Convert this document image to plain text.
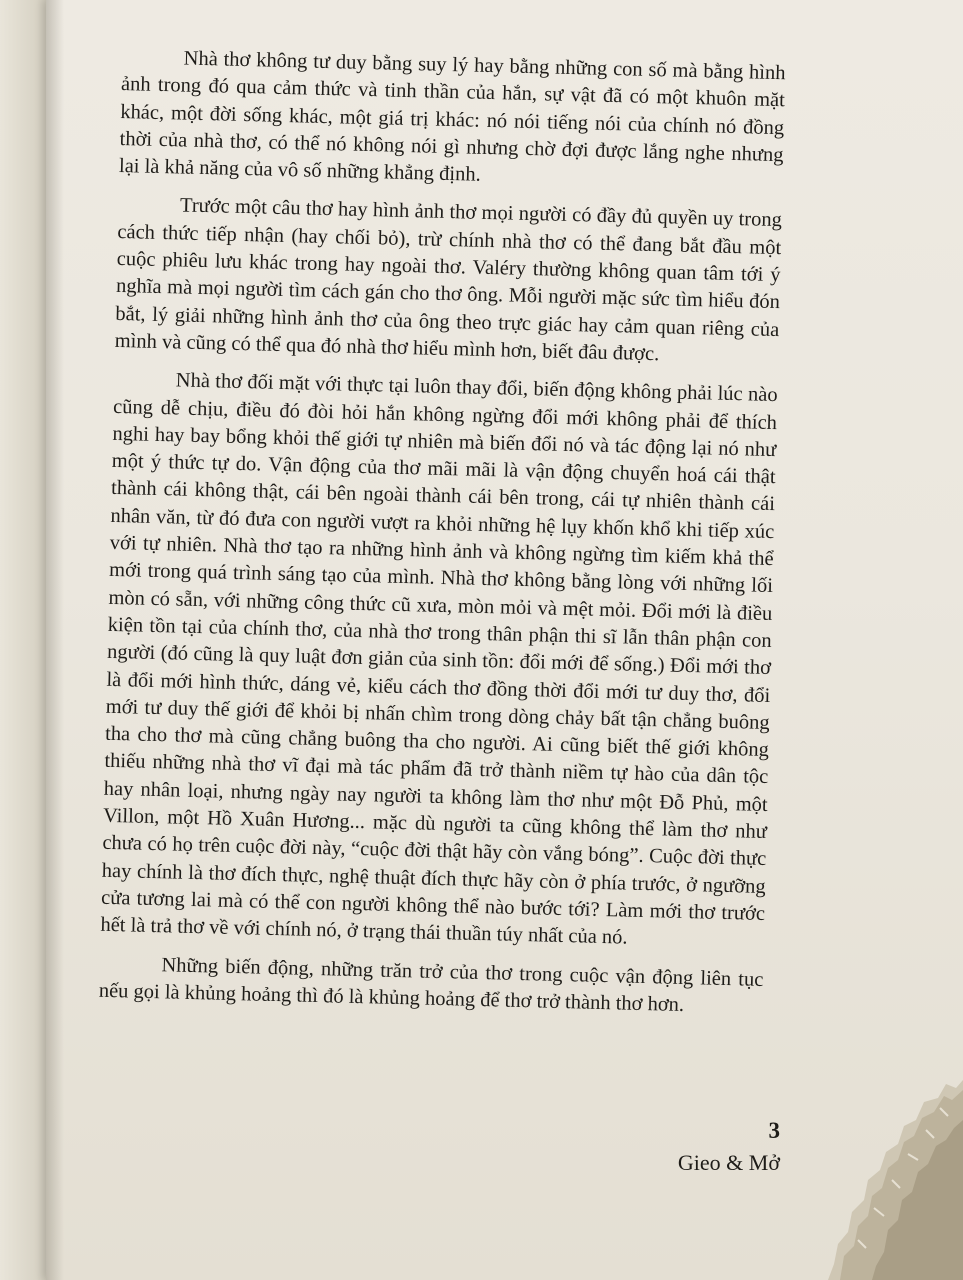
Nhà thơ không tư duy bằng suy lý hay bằng những con số mà bằng hình ảnh trong đó qua cảm thức và tinh thần của hắn, sự vật đã có một khuôn mặt khác, một đời sống khác, một giá trị khác: nó nói tiếng nói của chính nó đồng thời của nhà thơ, có thể nó không nói gì nhưng chờ đợi được lắng nghe nhưng lại là khả năng của vô số những khẳng định.

Trước một câu thơ hay hình ảnh thơ mọi người có đầy đủ quyền uy trong cách thức tiếp nhận (hay chối bỏ), trừ chính nhà thơ có thể đang bắt đầu một cuộc phiêu lưu khác trong hay ngoài thơ. Valéry thường không quan tâm tới ý nghĩa mà mọi người tìm cách gán cho thơ ông. Mỗi người mặc sức tìm hiểu đón bắt, lý giải những hình ảnh thơ của ông theo trực giác hay cảm quan riêng của mình và cũng có thể qua đó nhà thơ hiểu mình hơn, biết đâu được.

Nhà thơ đối mặt với thực tại luôn thay đổi, biến động không phải lúc nào cũng dễ chịu, điều đó đòi hỏi hắn không ngừng đổi mới không phải để thích nghi hay bay bổng khỏi thế giới tự nhiên mà biến đổi nó và tác động lại nó như một ý thức tự do. Vận động của thơ mãi mãi là vận động chuyển hoá cái thật thành cái không thật, cái bên ngoài thành cái bên trong, cái tự nhiên thành cái nhân văn, từ đó đưa con người vượt ra khỏi những hệ lụy khốn khổ khi tiếp xúc với tự nhiên. Nhà thơ tạo ra những hình ảnh và không ngừng tìm kiếm khả thể mới trong quá trình sáng tạo của mình. Nhà thơ không bằng lòng với những lối mòn có sẵn, với những công thức cũ xưa, mòn mỏi và mệt mỏi. Đổi mới là điều kiện tồn tại của chính thơ, của nhà thơ trong thân phận thi sĩ lẫn thân phận con người (đó cũng là quy luật đơn giản của sinh tồn: đổi mới để sống.) Đổi mới thơ là đổi mới hình thức, dáng vẻ, kiểu cách thơ đồng thời đổi mới tư duy thơ, đổi mới tư duy thế giới để khỏi bị nhấn chìm trong dòng chảy bất tận chẳng buông tha cho thơ mà cũng chẳng buông tha cho người. Ai cũng biết thế giới không thiếu những nhà thơ vĩ đại mà tác phẩm đã trở thành niềm tự hào của dân tộc hay nhân loại, nhưng ngày nay người ta không làm thơ như một Đỗ Phủ, một Villon, một Hồ Xuân Hương... mặc dù người ta cũng không thể làm thơ như chưa có họ trên cuộc đời này, “cuộc đời thật hãy còn vắng bóng”. Cuộc đời thực hay chính là thơ đích thực, nghệ thuật đích thực hãy còn ở phía trước, ở ngưỡng cửa tương lai mà có thể con người không thể nào bước tới? Làm mới thơ trước hết là trả thơ về với chính nó, ở trạng thái thuần túy nhất của nó.

Những biến động, những trăn trở của thơ trong cuộc vận động liên tục nếu gọi là khủng hoảng thì đó là khủng hoảng để thơ trở thành thơ hơn.

3
Gieo & Mở
